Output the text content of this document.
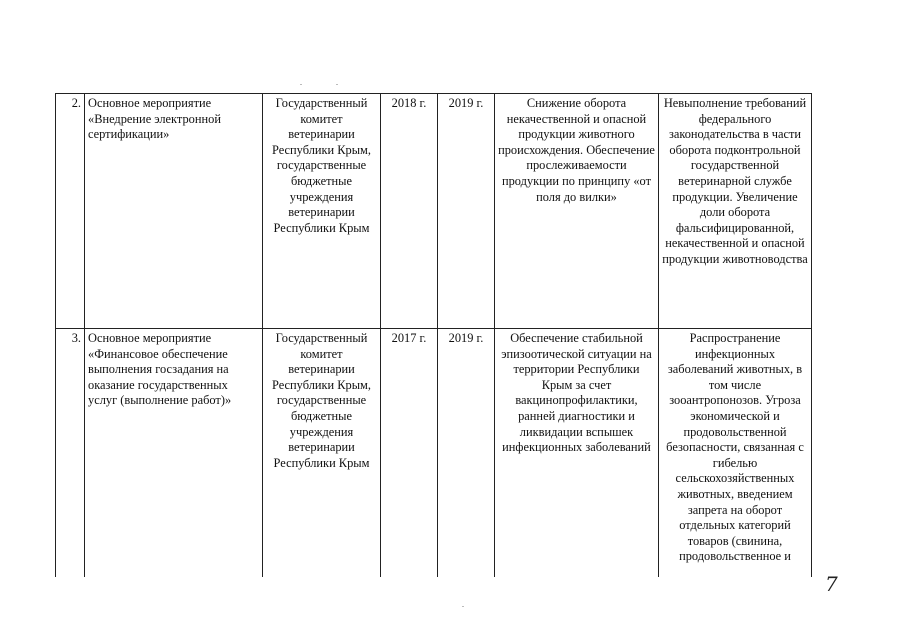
2.	Основное мероприятие «Внедрение электронной сертификации»	Государственный комитет ветеринарии Республики Крым, государственные бюджетные учреждения ветеринарии Республики Крым	2018 г.	2019 г.	Снижение оборота некачественной и опасной продукции животного происхождения. Обеспечение прослеживаемости продукции по принципу «от поля до вилки»	Невыполнение требований федерального законодательства в части оборота подконтрольной государственной ветеринарной службе продукции. Увеличение доли оборота фальсифицированной, некачественной и опасной продукции животноводства
3.	Основное мероприятие «Финансовое обеспечение выполнения госзадания на оказание государственных услуг (выполнение работ)»	Государственный комитет ветеринарии Республики Крым, государственные бюджетные учреждения ветеринарии Республики Крым	2017 г.	2019 г.	Обеспечение стабильной эпизоотической ситуации на территории Республики Крым за счет вакцинопрофилактики, ранней диагностики и ликвидации вспышек инфекционных заболеваний	Распространение инфекционных заболеваний животных, в том числе зооантропонозов. Угроза экономической и продовольственной безопасности, связанная с гибелью сельскохозяйственных животных, введением запрета на оборот отдельных категорий товаров (свинина, продовольственное и
7
